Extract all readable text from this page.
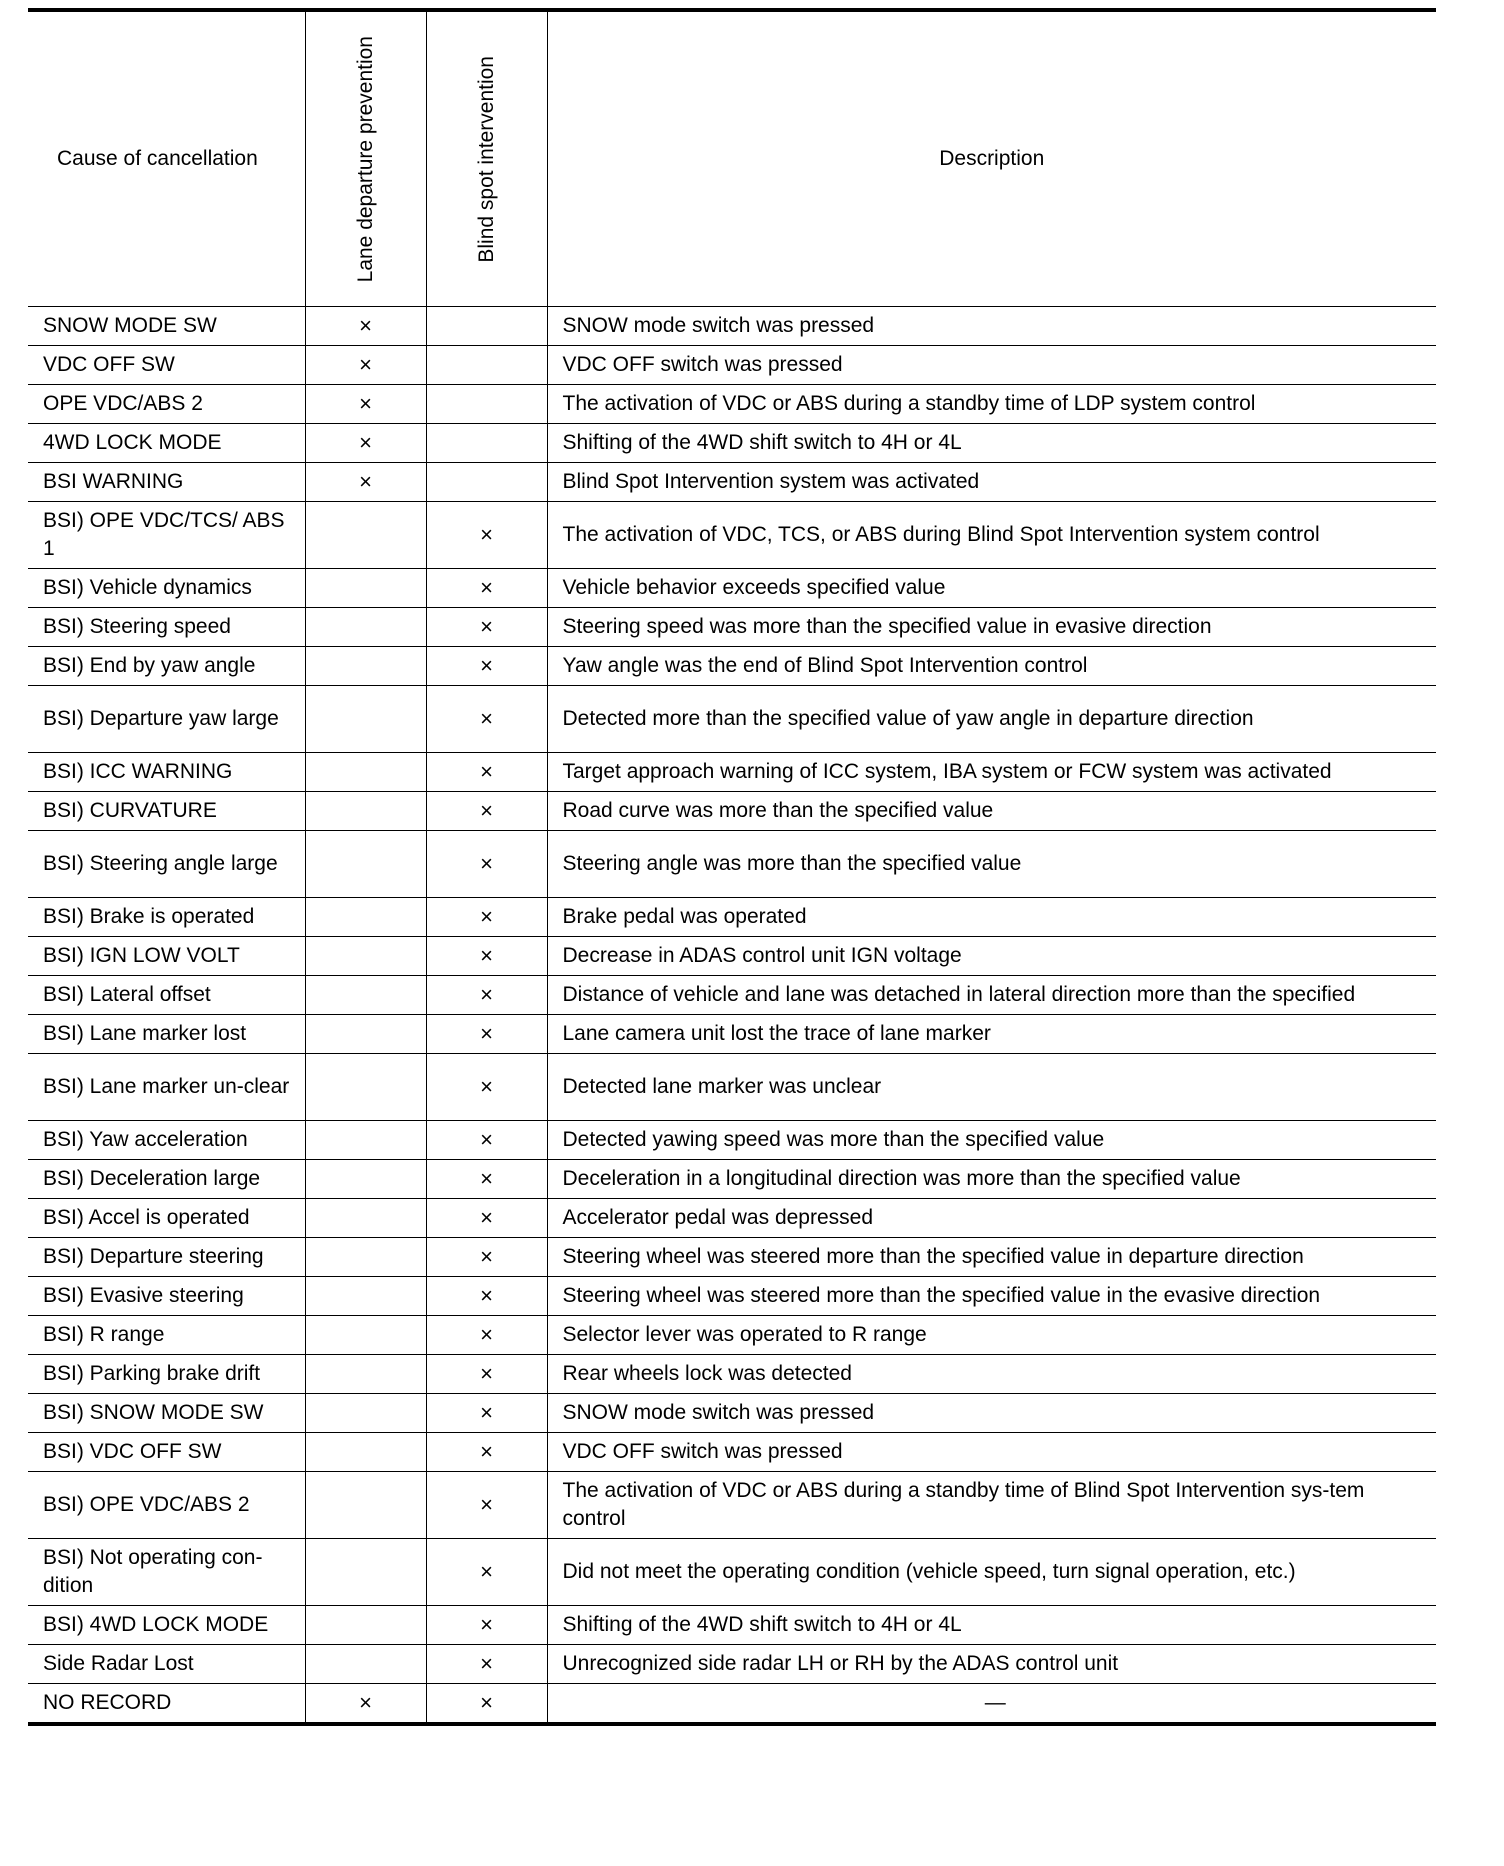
Cause of cancellation	Lane departure prevention	Blind spot intervention	Description
SNOW MODE SW	×		SNOW mode switch was pressed
VDC OFF SW	×		VDC OFF switch was pressed
OPE VDC/ABS 2	×		The activation of VDC or ABS during a standby time of LDP system control
4WD LOCK MODE	×		Shifting of the 4WD shift switch to 4H or 4L
BSI WARNING	×		Blind Spot Intervention system was activated
BSI) OPE VDC/TCS/ ABS 1		×	The activation of VDC, TCS, or ABS during Blind Spot Intervention system control
BSI) Vehicle dynamics		×	Vehicle behavior exceeds specified value
BSI) Steering speed		×	Steering speed was more than the specified value in evasive direction
BSI) End by yaw angle		×	Yaw angle was the end of Blind Spot Intervention control
BSI) Departure yaw large		×	Detected more than the specified value of yaw angle in departure direction
BSI) ICC WARNING		×	Target approach warning of ICC system, IBA system or FCW system was activated
BSI) CURVATURE		×	Road curve was more than the specified value
BSI) Steering angle large		×	Steering angle was more than the specified value
BSI) Brake is operated		×	Brake pedal was operated
BSI) IGN LOW VOLT		×	Decrease in ADAS control unit IGN voltage
BSI) Lateral offset		×	Distance of vehicle and lane was detached in lateral direction more than the specified
BSI) Lane marker lost		×	Lane camera unit lost the trace of lane marker
BSI) Lane marker un-clear		×	Detected lane marker was unclear
BSI) Yaw acceleration		×	Detected yawing speed was more than the specified value
BSI) Deceleration large		×	Deceleration in a longitudinal direction was more than the specified value
BSI) Accel is operated		×	Accelerator pedal was depressed
BSI) Departure steering		×	Steering wheel was steered more than the specified value in departure direction
BSI) Evasive steering		×	Steering wheel was steered more than the specified value in the evasive direction
BSI) R range		×	Selector lever was operated to R range
BSI) Parking brake drift		×	Rear wheels lock was detected
BSI) SNOW MODE SW		×	SNOW mode switch was pressed
BSI) VDC OFF SW		×	VDC OFF switch was pressed
BSI) OPE VDC/ABS 2		×	The activation of VDC or ABS during a standby time of Blind Spot Intervention sys-tem control
BSI) Not operating con-dition		×	Did not meet the operating condition (vehicle speed, turn signal operation, etc.)
BSI) 4WD LOCK MODE		×	Shifting of the 4WD shift switch to 4H or 4L
Side Radar Lost		×	Unrecognized side radar LH or RH by the ADAS control unit
NO RECORD	×	×	—
